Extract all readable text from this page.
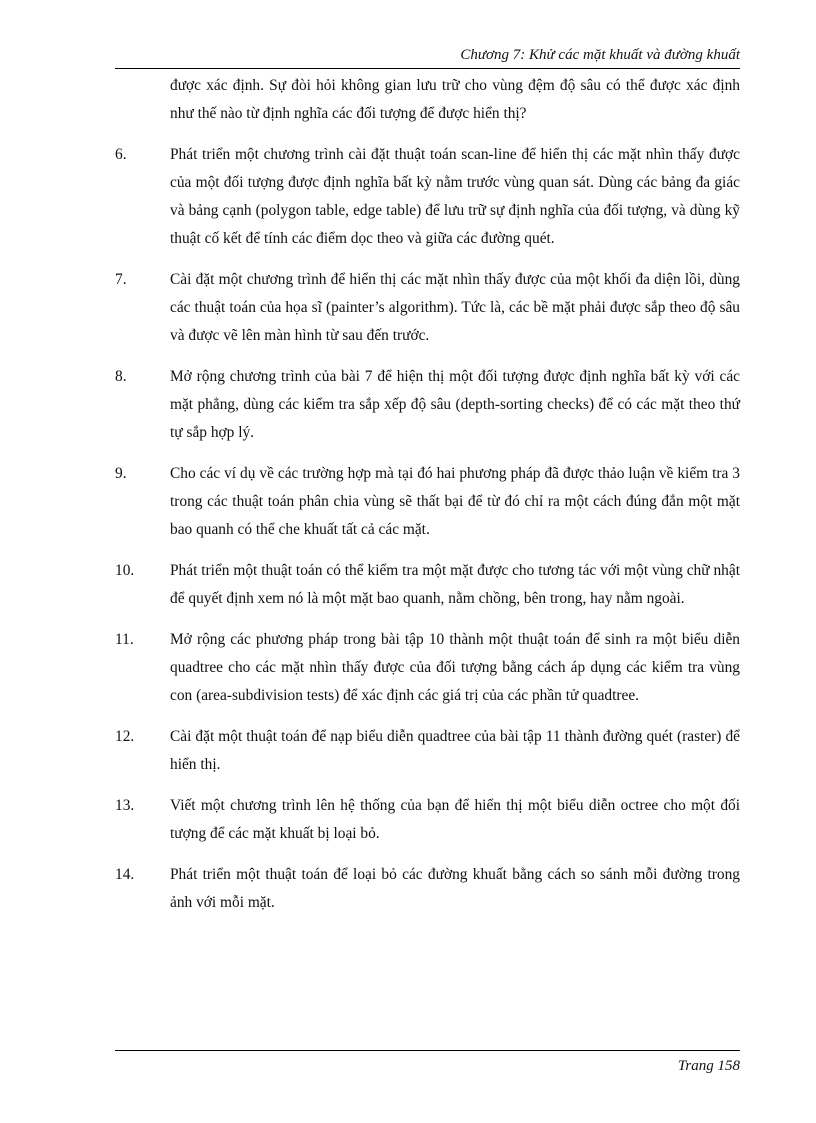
Chương 7: Khử các mặt khuất và đường khuất

được xác định. Sự đòi hỏi không gian lưu trữ cho vùng đệm độ sâu có thể được xác định như thế nào từ định nghĩa các đối tượng để được hiển thị?

6.	Phát triển một chương trình cài đặt thuật toán scan-line để hiển thị các mặt nhìn thấy được của một đối tượng được định nghĩa bất kỳ nằm trước vùng quan sát. Dùng các bảng đa giác và bảng cạnh (polygon table, edge table) để lưu trữ sự định nghĩa của đối tượng, và dùng kỹ thuật cố kết để tính các điểm dọc theo và giữa các đường quét.

7.	Cài đặt một chương trình để hiển thị các mặt nhìn thấy được của một khối đa diện lồi, dùng các thuật toán của họa sĩ (painter’s algorithm). Tức là, các bề mặt phải được sắp theo độ sâu và được vẽ lên màn hình từ sau đến trước.

8.	Mở rộng chương trình của bài 7 để hiện thị một đối tượng được định nghĩa bất kỳ với các mặt phẳng, dùng các kiểm tra sắp xếp độ sâu (depth-sorting checks) để có các mặt theo thứ tự sắp hợp lý.

9.	Cho các ví dụ về các trường hợp mà tại đó hai phương pháp đã được thảo luận về kiểm tra 3 trong các thuật toán phân chia vùng sẽ thất bại để từ đó chỉ ra một cách đúng đắn một mặt bao quanh có thể che khuất tất cả các mặt.

10. Phát triển một thuật toán có thể kiểm tra một mặt được cho tương tác với một vùng chữ nhật để quyết định xem nó là một mặt bao quanh, nằm chồng, bên trong, hay nằm ngoài.

11. Mở rộng các phương pháp trong bài tập 10 thành một thuật toán để sinh ra một biểu diễn quadtree cho các mặt nhìn thấy được của đối tượng bằng cách áp dụng các kiểm tra vùng con (area-subdivision tests) để xác định các giá trị của các phần tử quadtree.

12. Cài đặt một thuật toán để nạp biểu diễn quadtree của bài tập 11 thành đường quét (raster) để hiển thị.

13. Viết một chương trình lên hệ thống của bạn để hiển thị một biểu diễn octree cho một đối tượng để các mặt khuất bị loại bỏ.

14. Phát triển một thuật toán để loại bỏ các đường khuất bằng cách so sánh mỗi đường trong ảnh với mỗi mặt.

Trang 158
